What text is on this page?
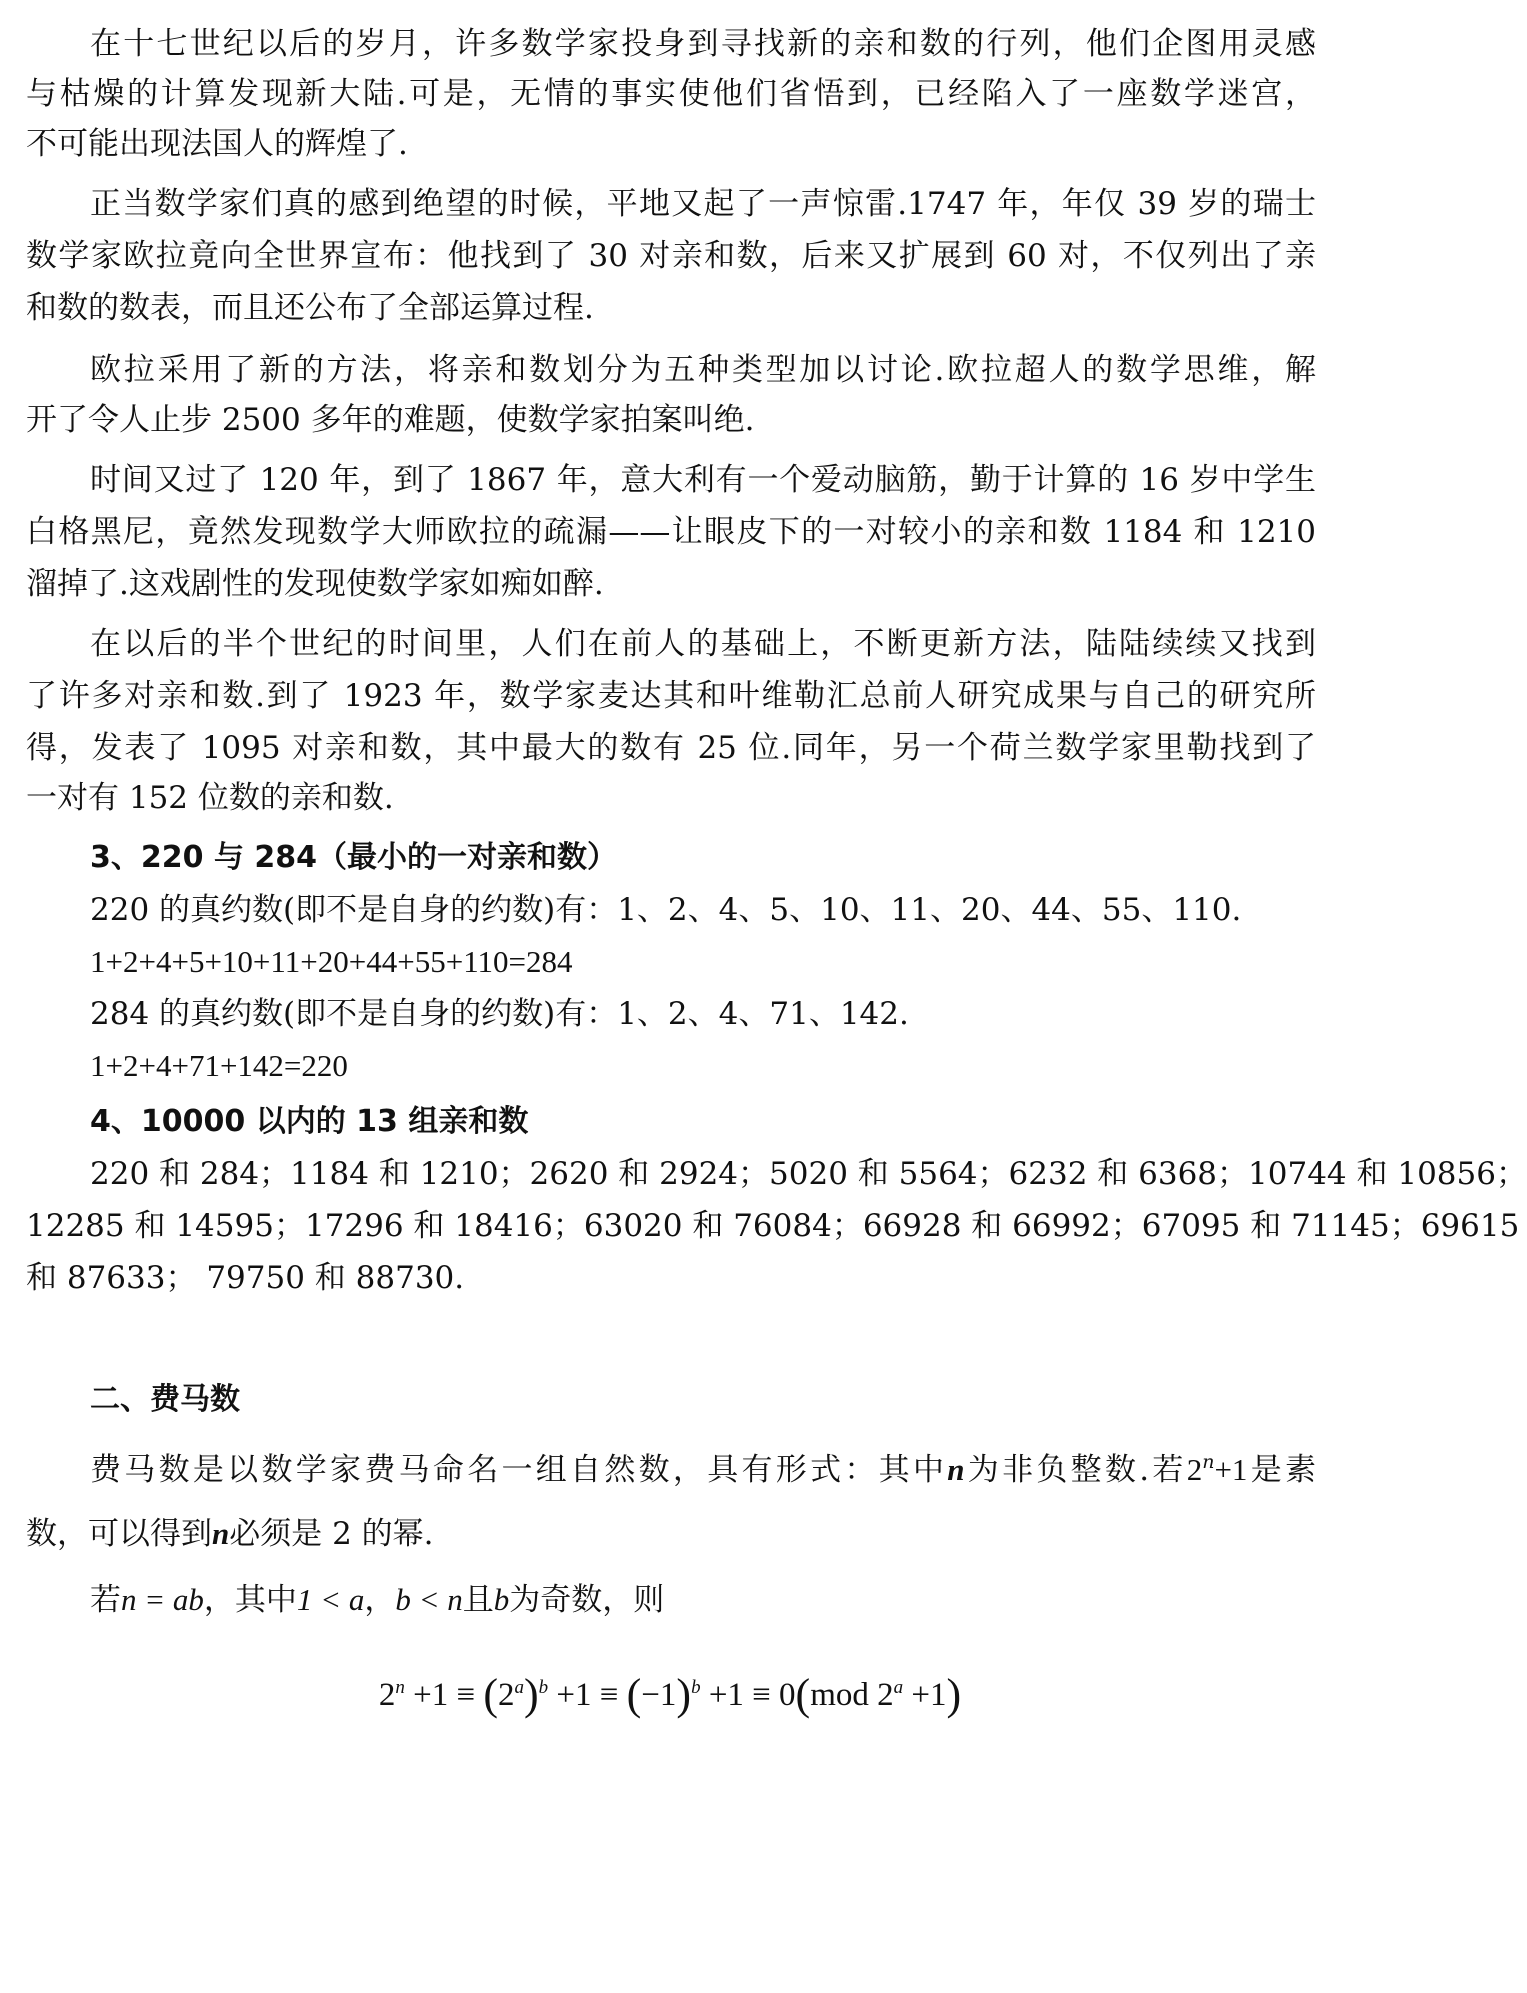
在十七世纪以后的岁月，许多数学家投身到寻找新的亲和数的行列，他们企图用灵感
与枯燥的计算发现新大陆.可是，无情的事实使他们省悟到，已经陷入了一座数学迷宫，
不可能出现法国人的辉煌了.
正当数学家们真的感到绝望的时候，平地又起了一声惊雷.1747 年，年仅 39 岁的瑞士
数学家欧拉竟向全世界宣布：他找到了 30 对亲和数，后来又扩展到 60 对，不仅列出了亲
和数的数表，而且还公布了全部运算过程.
欧拉采用了新的方法，将亲和数划分为五种类型加以讨论.欧拉超人的数学思维，解
开了令人止步 2500 多年的难题，使数学家拍案叫绝.
时间又过了 120 年，到了 1867 年，意大利有一个爱动脑筋，勤于计算的 16 岁中学生
白格黑尼，竟然发现数学大师欧拉的疏漏——让眼皮下的一对较小的亲和数 1184 和 1210
溜掉了.这戏剧性的发现使数学家如痴如醉.
在以后的半个世纪的时间里，人们在前人的基础上，不断更新方法，陆陆续续又找到
了许多对亲和数.到了 1923 年，数学家麦达其和叶维勒汇总前人研究成果与自己的研究所
得，发表了 1095 对亲和数，其中最大的数有 25 位.同年，另一个荷兰数学家里勒找到了
一对有 152 位数的亲和数.
3、220 与 284（最小的一对亲和数）
220 的真约数(即不是自身的约数)有：1、2、4、5、10、11、20、44、55、110.
1+2+4+5+10+11+20+44+55+110=284
284 的真约数(即不是自身的约数)有：1、2、4、71、142.
1+2+4+71+142=220
4、10000 以内的 13 组亲和数
220 和 284；1184 和 1210；2620 和 2924；5020 和 5564；6232 和 6368；10744 和 10856；
12285 和 14595；17296 和 18416；63020 和 76084；66928 和 66992；67095 和 71145；69615
和 87633； 79750 和 88730.
二、费马数
费马数是以数学家费马命名一组自然数，具有形式：其中n为非负整数.若$2^n+1$是素
数，可以得到n必须是 2 的幂.
若n = ab，其中1 < a，b < n且b为奇数，则
$2^n +1 \equiv (2^a)^b +1 \equiv (-1)^b +1 \equiv 0(mod$ $2^a +1$)
